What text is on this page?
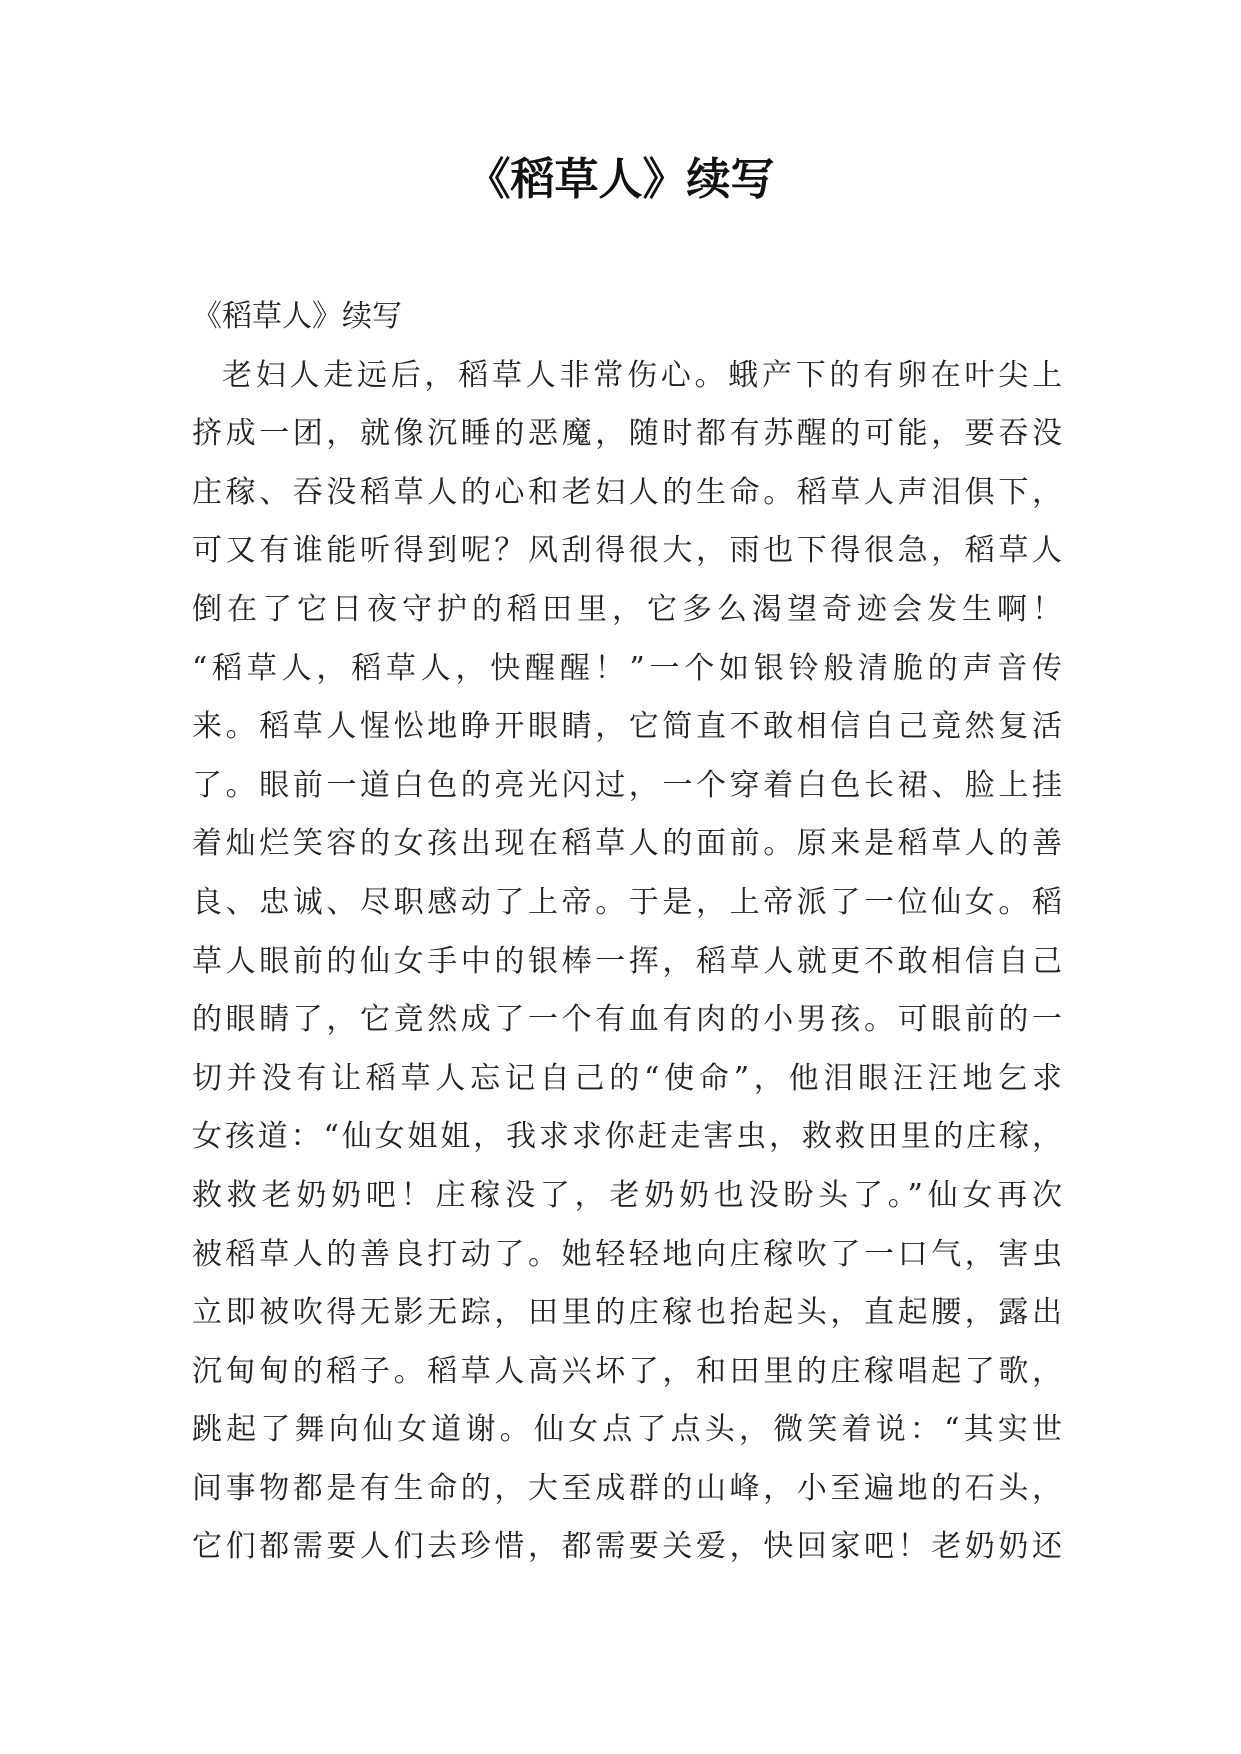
《稻草人》续写

《稻草人》续写

老妇人走远后，稻草人非常伤心。蛾产下的有卵在叶尖上

挤成一团，就像沉睡的恶魔，随时都有苏醒的可能，要吞没

庄稼、吞没稻草人的心和老妇人的生命。稻草人声泪俱下，

可又有谁能听得到呢？风刮得很大，雨也下得很急，稻草人

倒在了它日夜守护的稻田里，它多么渴望奇迹会发生啊！

“稻草人，稻草人，快醒醒！”一个如银铃般清脆的声音传

来。稻草人惺忪地睁开眼睛，它简直不敢相信自己竟然复活

了。眼前一道白色的亮光闪过，一个穿着白色长裙、脸上挂

着灿烂笑容的女孩出现在稻草人的面前。原来是稻草人的善

良、忠诚、尽职感动了上帝。于是，上帝派了一位仙女。稻

草人眼前的仙女手中的银棒一挥，稻草人就更不敢相信自己

的眼睛了，它竟然成了一个有血有肉的小男孩。可眼前的一

切并没有让稻草人忘记自己的“使命”，他泪眼汪汪地乞求

女孩道：“仙女姐姐，我求求你赶走害虫，救救田里的庄稼，

救救老奶奶吧！庄稼没了，老奶奶也没盼头了。”仙女再次

被稻草人的善良打动了。她轻轻地向庄稼吹了一口气，害虫

立即被吹得无影无踪，田里的庄稼也抬起头，直起腰，露出

沉甸甸的稻子。稻草人高兴坏了，和田里的庄稼唱起了歌，

跳起了舞向仙女道谢。仙女点了点头，微笑着说：“其实世

间事物都是有生命的，大至成群的山峰，小至遍地的石头，

它们都需要人们去珍惜，都需要关爱，快回家吧！老奶奶还
